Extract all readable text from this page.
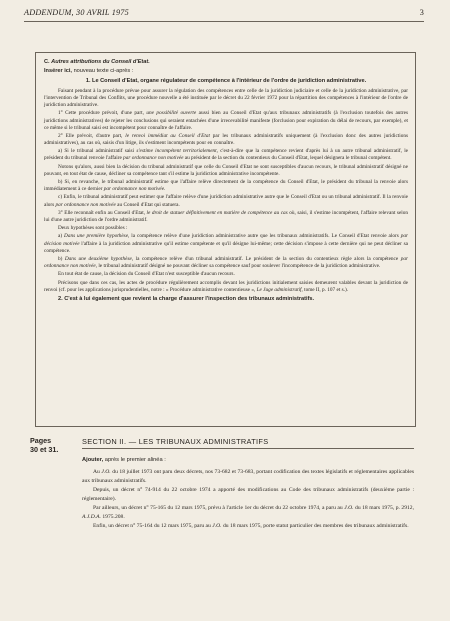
ADDENDUM, 30 AVRIL 1975	3
C. Autres attributions du Conseil d'Etat.
Insérer ici, nouveau texte ci-après :
1. Le Conseil d'Etat, organe régulateur de compétence à l'intérieur de l'ordre de juridiction administrative.

Faisant pendant à la procédure prévue pour assurer la régulation des compétences entre celle de la juridiction judiciaire et celle de la juridiction administrative, par l'intervention de Tribunal des Conflits, une procédure nouvelle a été instituée par le décret du 22 février 1972 pour la répartition des compétences à l'intérieur de l'ordre de juridiction administrative.

1° Cette procédure prévoit, d'une part, une possibilité ouverte aussi bien au Conseil d'Etat qu'aux tribunaux administratifs (à l'exclusion toutefois des autres juridictions administratives) de rejeter les conclusions qui seraient entachées d'une irrecevabilité manifeste (forclusion pour expiration du délai de recours, par exemple), et ce même si le tribunal saisi est incompétent pour connaître de l'affaire.

2° Elle prévoit, d'autre part, le renvoi immédiat au Conseil d'Etat par les tribunaux administratifs uniquement (à l'exclusion donc des autres juridictions administratives), au cas où, saisis d'un litige, ils s'estiment incompétents pour en connaître.

a) Si le tribunal administratif saisi s'estime incompétent territorialement, c'est-à-dire que la compétence revient d'après lui à un autre tribunal administratif, le président du tribunal renvoie l'affaire par ordonnance non motivée au président de la section du contentieux du Conseil d'Etat, lequel désignera le tribunal compétent.

Notons qu'alors, aussi bien la décision du tribunal administratif que celle du Conseil d'Etat ne sont susceptibles d'aucun recours, le tribunal administratif désigné ne pouvant, en tout état de cause, décliner sa compétence tant s'il estime la juridiction administrative incompétente.

b) Si, en revanche, le tribunal administratif estime que l'affaire relève directement de la compétence du Conseil d'Etat, le président du tribunal la renvoie alors immédiatement à ce dernier par ordonnance non motivée.

c) Enfin, le tribunal administratif peut estimer que l'affaire relève d'une juridiction administrative autre que le Conseil d'Etat ou un tribunal administratif. Il la renvoie alors par ordonnance non motivée au Conseil d'Etat qui statuera.

3° Elle reconnaît enfin au Conseil d'Etat, le droit de statuer définitivement en matière de compétence au cas où, saisi, il s'estime incompétent, l'affaire relevant selon lui d'une autre juridiction de l'ordre administratif.

Deux hypothèses sont possibles :

a) Dans une première hypothèse, la compétence relève d'une juridiction administrative autre que les tribunaux administratifs. Le Conseil d'Etat renvoie alors par décision motivée l'affaire à la juridiction administrative qu'il estime compétente et qu'il désigne lui-même; cette décision s'impose à cette dernière qui ne peut décliner sa compétence.

b) Dans une deuxième hypothèse, la compétence relève d'un tribunal administratif. Le président de la section du contentieux règle alors la compétence par ordonnance non motivée, le tribunal administratif désigné ne pouvant décliner sa compétence sauf pour soulever l'incompétence de la juridiction administrative.

En tout état de cause, la décision du Conseil d'Etat n'est susceptible d'aucun recours.

Précisons que dans ces cas, les actes de procédure régulièrement accomplis devant les juridictions initialement saisies demeurent valables devant la juridiction de renvoi (cf. pour les applications jurisprudentielles, notre : « Procédure administrative contentieuse », Le Juge administratif, tome II, p. 107 et s.).

2. C'est à lui également que revient la charge d'assurer l'inspection des tribunaux administratifs.
Pages
30 et 31.
SECTION II. — LES TRIBUNAUX ADMINISTRATIFS
Ajouter, après le premier alinéa :

Au J.O. du 18 juillet 1973 ont paru deux décrets, nos 73-682 et 73-683, portant codification des textes législatifs et réglementaires applicables aux tribunaux administratifs.

Depuis, un décret n° 74-914 du 22 octobre 1974 a apporté des modifications au Code des tribunaux administratifs (deuxième partie : réglementaire).

Par ailleurs, un décret n° 75-165 du 12 mars 1975, prévu à l'article 1er du décret du 22 octobre 1974, a paru au J.O. du 18 mars 1975, p. 2912, A.J.D.A. 1975.208.

Enfin, un décret n° 75-164 du 12 mars 1975, paru au J.O. du 18 mars 1975, porte statut particulier des membres des tribunaux administratifs.
